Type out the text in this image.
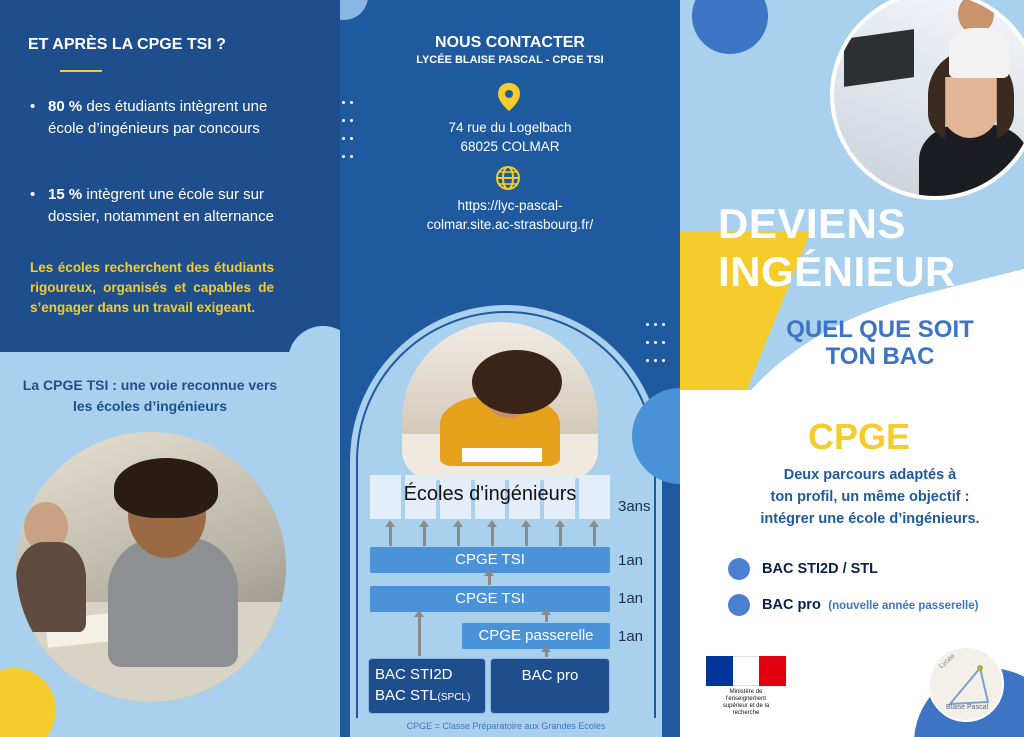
ET APRÈS LA CPGE TSI ?
• 80 % des étudiants intègrent une école d’ingénieurs par concours
• 15 % intègrent une école sur sur dossier, notamment en alternance
Les écoles recherchent des étudiants rigoureux, organisés et capables de s’engager dans un travail exigeant.
La CPGE TSI : une voie reconnue vers les écoles d’ingénieurs
NOUS CONTACTER
LYCÉE BLAISE PASCAL - CPGE TSI

74 rue du Logelbach
68025 COLMAR
https://lyc-pascal-
colmar.site.ac-strasbourg.fr/
Écoles d'ingénieurs
3ans
CPGE TSI	1an
CPGE TSI	1an
CPGE passerelle	1an
BAC STI2D
BAC STL(SPCL)
BAC pro
CPGE = Classe Préparatoire aux Grandes Ecoles

DEVIENS
INGÉNIEUR
QUEL QUE SOIT
TON BAC
CPGE
Deux parcours adaptés à
ton profil, un même objectif :
intégrer une école d’ingénieurs.
BAC STI2D / STL
BAC pro (nouvelle année passerelle)
Ministère de l'enseignement supérieur et de la recherche
Lycée
Blaise Pascal
